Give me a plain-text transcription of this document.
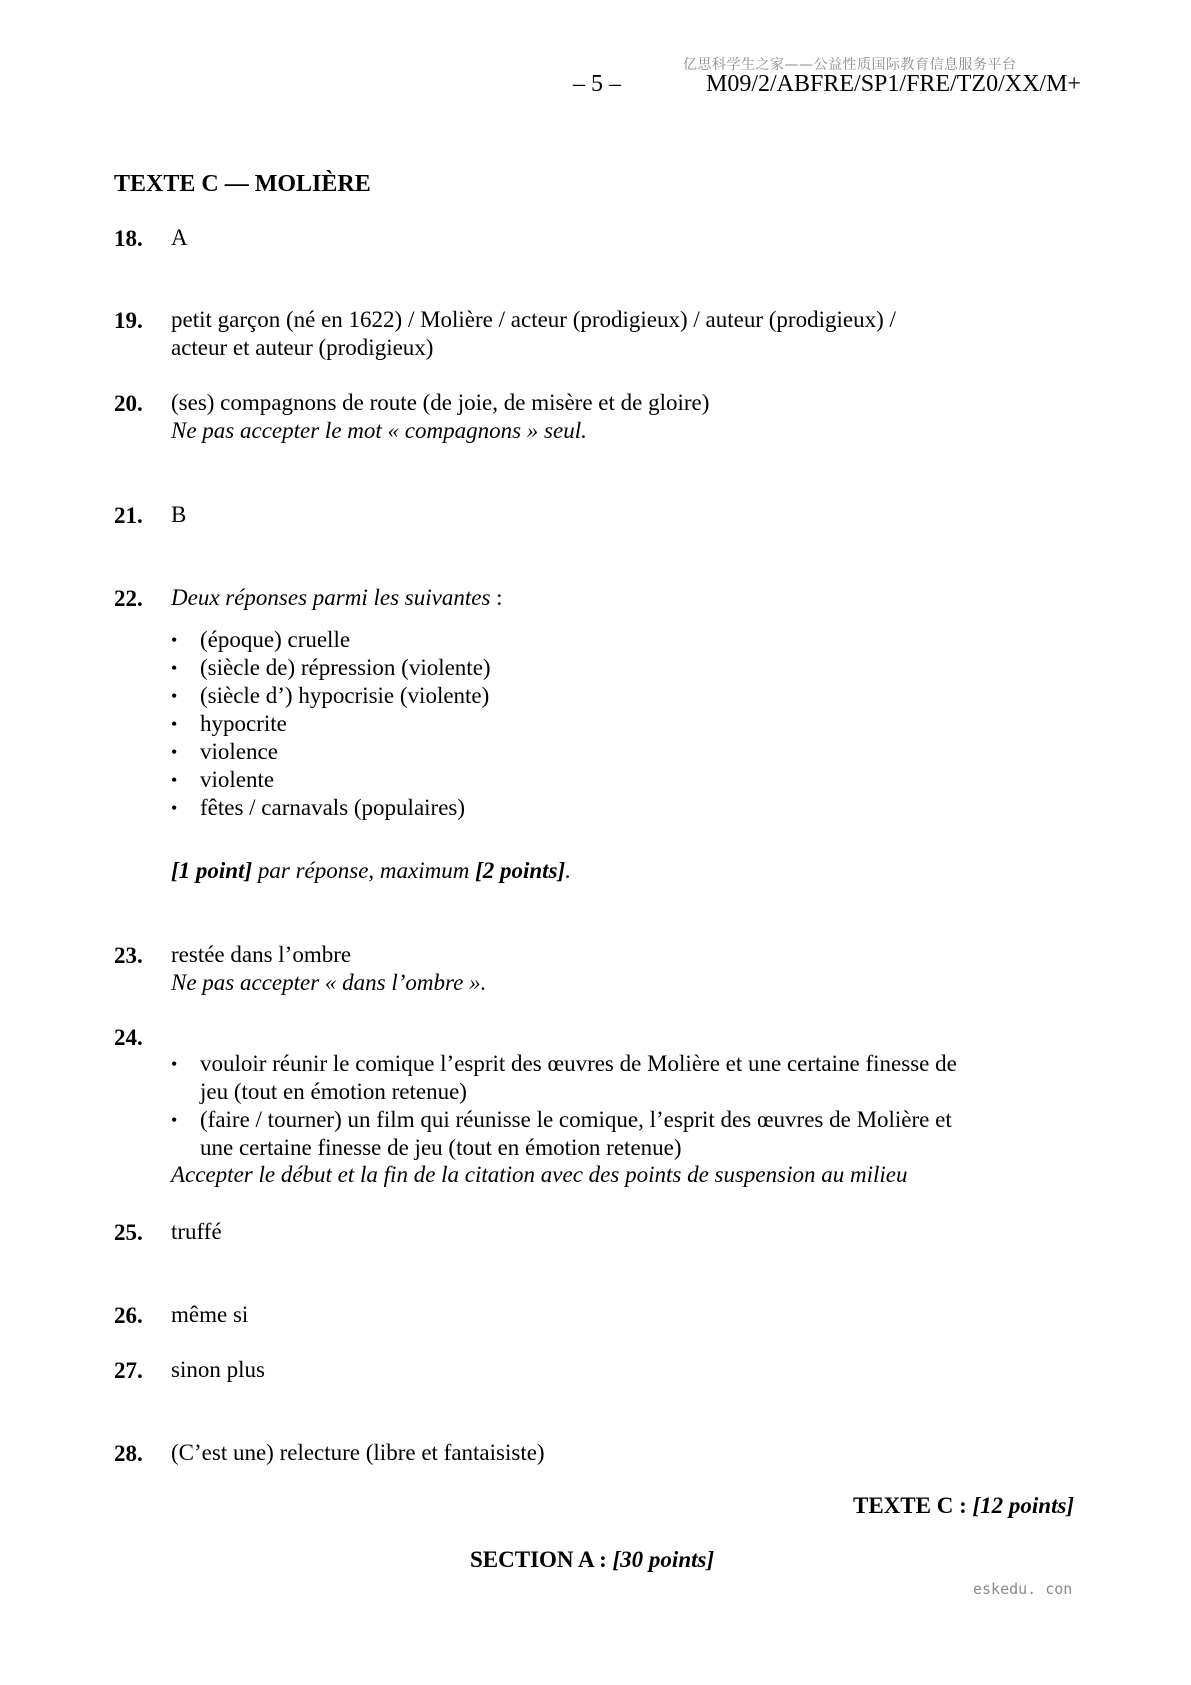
亿思科学生之家——公益性质国际教育信息服务平台
– 5 –	M09/2/ABFRE/SP1/FRE/TZ0/XX/M+
TEXTE C — MOLIÈRE
18. A
19. petit garçon (né en 1622) / Molière / acteur (prodigieux) / auteur (prodigieux) /

acteur et auteur (prodigieux)

20. (ses) compagnons de route (de joie, de misère et de gloire)

Ne pas accepter le mot « compagnons » seul.

21. B
22. Deux réponses parmi les suivantes :
• (époque) cruelle
• (siècle de) répression (violente)
• (siècle d’) hypocrisie (violente)
• hypocrite
• violence
• violente
• fêtes / carnavals (populaires)
[1 point] par réponse, maximum [2 points].
23. restée dans l’ombre

Ne pas accepter « dans l’ombre ».

24.
• vouloir réunir le comique l’esprit des œuvres de Molière et une certaine finesse de jeu (tout en émotion retenue)
• (faire / tourner) un film qui réunisse le comique, l’esprit des œuvres de Molière et une certaine finesse de jeu (tout en émotion retenue)
Accepter le début et la fin de la citation avec des points de suspension au milieu
25. truffé
26. même si
27. sinon plus
28. (C’est une) relecture (libre et fantaisiste)
TEXTE C : [12 points]
SECTION A : [30 points]
eskedu. con
